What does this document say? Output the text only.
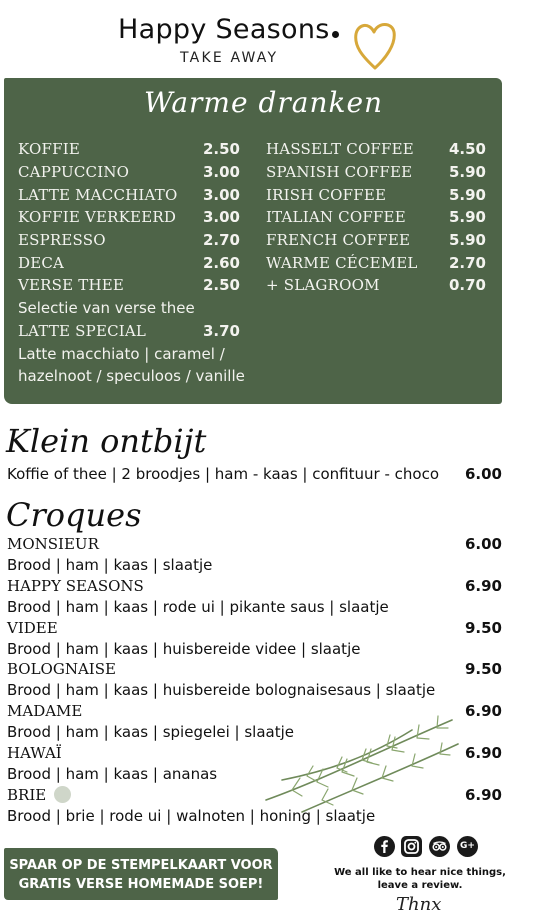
Happy Seasons
TAKE AWAY
Warme dranken
KOFFIE	2.50
CAPPUCCINO	3.00
LATTE MACCHIATO	3.00
KOFFIE VERKEERD	3.00
ESPRESSO	2.70
DECA	2.60
VERSE THEE	2.50
Selectie van verse thee
LATTE SPECIAL	3.70
Latte macchiato | caramel /
hazelnoot / speculoos / vanille
HASSELT COFFEE	4.50
SPANISH COFFEE	5.90
IRISH COFFEE	5.90
ITALIAN COFFEE	5.90
FRENCH COFFEE	5.90
WARME CÉCEMEL	2.70
+ SLAGROOM	0.70
Klein ontbijt
Koffie of thee | 2 broodjes | ham - kaas | confituur - choco	6.00
Croques
MONSIEUR	6.00
Brood | ham | kaas | slaatje
HAPPY SEASONS	6.90
Brood | ham | kaas | rode ui | pikante saus | slaatje
VIDEE	9.50
Brood | ham | kaas | huisbereide videe | slaatje
BOLOGNAISE	9.50
Brood | ham | kaas | huisbereide bolognaisesaus | slaatje
MADAME	6.90
Brood | ham | kaas | spiegelei | slaatje
HAWAÏ	6.90
Brood | ham | kaas | ananas
BRIE	6.90
Brood | brie | rode ui | walnoten | honing | slaatje
SPAAR OP DE STEMPELKAART VOOR
GRATIS VERSE HOMEMADE SOEP!
G+
We all like to hear nice things,
leave a review.
Thnx
